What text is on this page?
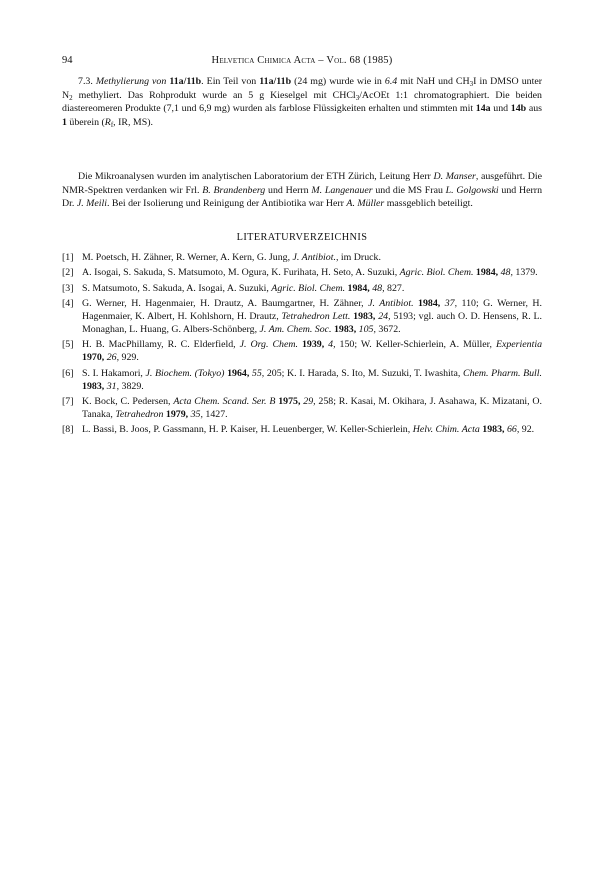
94	Helvetica Chimica Acta – Vol. 68 (1985)

7.3. Methylierung von 11a/11b. Ein Teil von 11a/11b (24 mg) wurde wie in 6.4 mit NaH und $CH_3I$ in DMSO unter $N_2$ methyliert. Das Rohprodukt wurde an 5 g Kieselgel mit CHCl$_3$/AcOEt 1:1 chromatographiert. Die beiden diastereomeren Produkte (7,1 und 6,9 mg) wurden als farblose Flüssigkeiten erhalten und stimmten mit 14a und 14b aus 1 überein ($R_f$, IR, MS).

Die Mikroanalysen wurden im analytischen Laboratorium der ETH Zürich, Leitung Herr D. Manser, ausgeführt. Die NMR-Spektren verdanken wir Frl. B. Brandenberg und Herrn M. Langenauer und die MS Frau L. Golgowski und Herrn Dr. J. Meili. Bei der Isolierung und Reinigung der Antibiotika war Herr A. Müller massgeblich beteiligt.

LITERATURVERZEICHNIS
[1] M. Poetsch, H. Zähner, R. Werner, A. Kern, G. Jung, J. Antibiot., im Druck.
[2] A. Isogai, S. Sakuda, S. Matsumoto, M. Ogura, K. Furihata, H. Seto, A. Suzuki, Agric. Biol. Chem. 1984, 48, 1379.
[3] S. Matsumoto, S. Sakuda, A. Isogai, A. Suzuki, Agric. Biol. Chem. 1984, 48, 827.
[4] G. Werner, H. Hagenmaier, H. Drautz, A. Baumgartner, H. Zähner, J. Antibiot. 1984, 37, 110; G. Werner, H. Hagenmaier, K. Albert, H. Kohlshorn, H. Drautz, Tetrahedron Lett. 1983, 24, 5193; vgl. auch O. D. Hensens, R. L. Monaghan, L. Huang, G. Albers-Schönberg, J. Am. Chem. Soc. 1983, 105, 3672.
[5] H. B. MacPhillamy, R. C. Elderfield, J. Org. Chem. 1939, 4, 150; W. Keller-Schierlein, A. Müller, Experientia 1970, 26, 929.
[6] S. I. Hakamori, J. Biochem. (Tokyo) 1964, 55, 205; K. I. Harada, S. Ito, M. Suzuki, T. Iwashita, Chem. Pharm. Bull. 1983, 31, 3829.
[7] K. Bock, C. Pedersen, Acta Chem. Scand. Ser. B 1975, 29, 258; R. Kasai, M. Okihara, J. Asahawa, K. Mizatani, O. Tanaka, Tetrahedron 1979, 35, 1427.
[8] L. Bassi, B. Joos, P. Gassmann, H. P. Kaiser, H. Leuenberger, W. Keller-Schierlein, Helv. Chim. Acta 1983, 66, 92.
